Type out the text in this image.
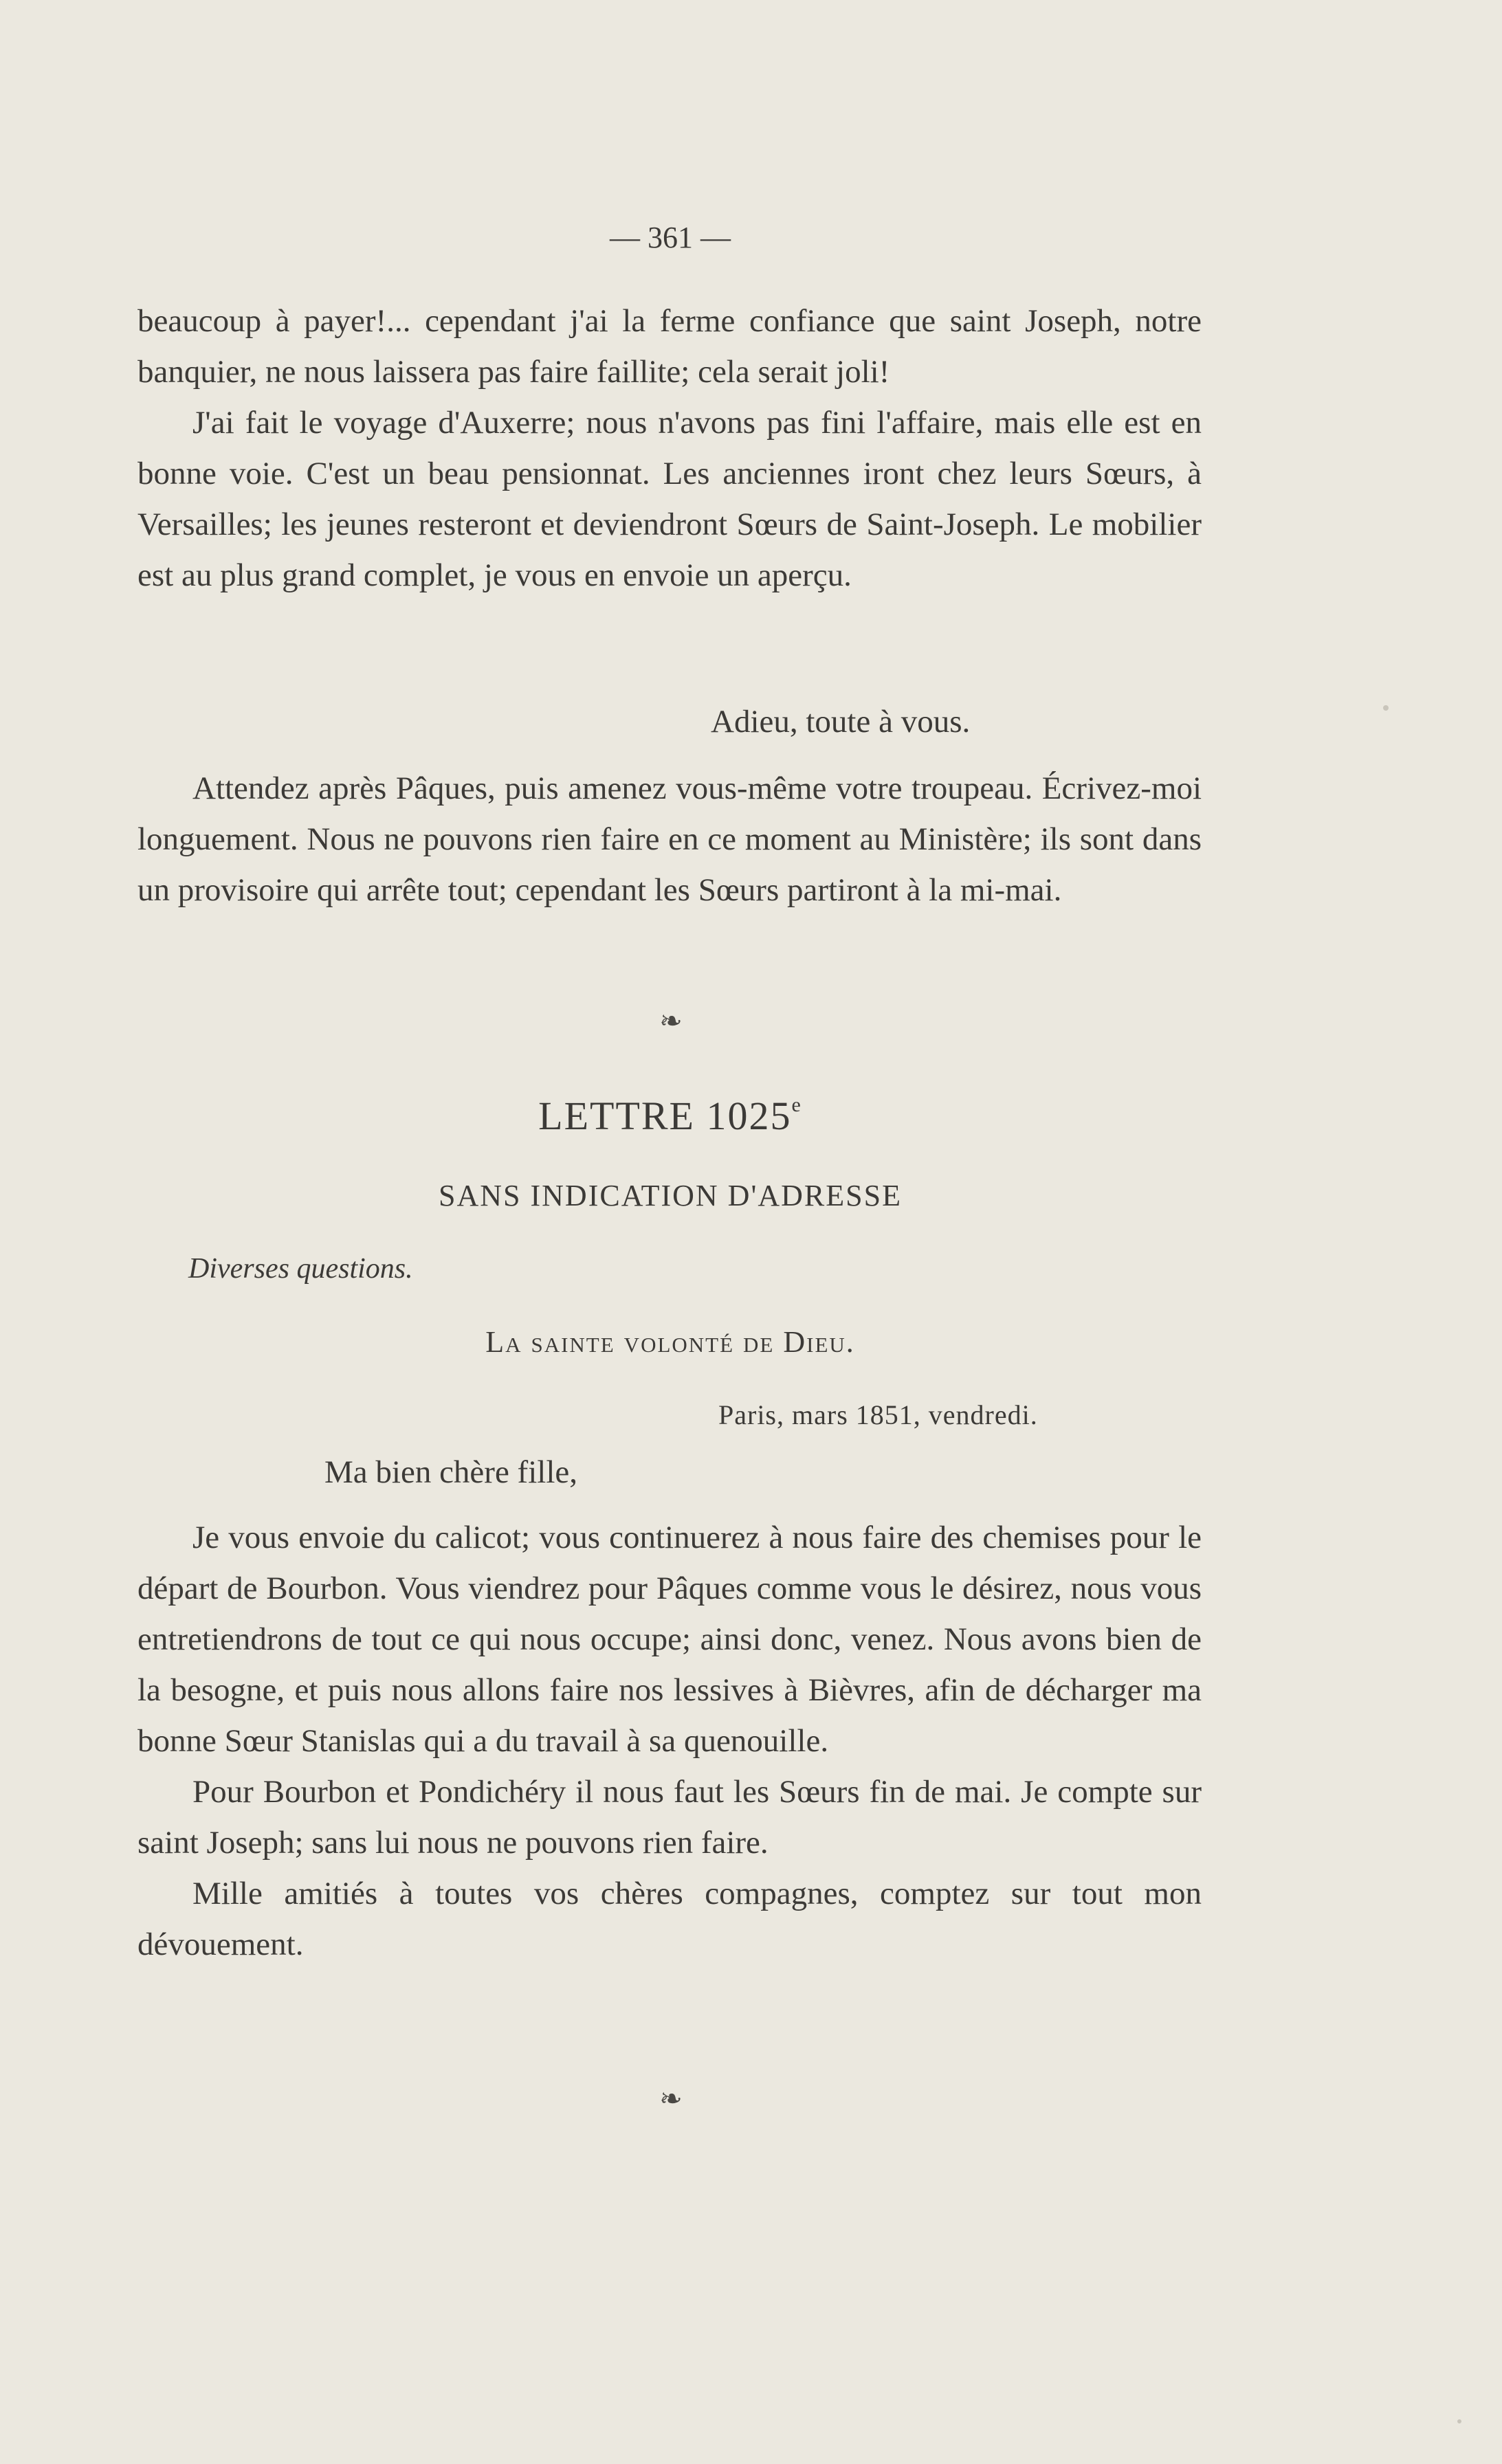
— 361 —

beaucoup à payer!... cependant j'ai la ferme confiance que saint Joseph, notre banquier, ne nous laissera pas faire faillite; cela serait joli!

J'ai fait le voyage d'Auxerre; nous n'avons pas fini l'affaire, mais elle est en bonne voie. C'est un beau pensionnat. Les anciennes iront chez leurs Sœurs, à Versailles; les jeunes resteront et deviendront Sœurs de Saint-Joseph. Le mobilier est au plus grand complet, je vous en envoie un aperçu.

Adieu, toute à vous.

Attendez après Pâques, puis amenez vous-même votre troupeau. Écrivez-moi longuement. Nous ne pouvons rien faire en ce moment au Ministère; ils sont dans un provisoire qui arrête tout; cependant les Sœurs partiront à la mi-mai.

❧
LETTRE 1025e
SANS INDICATION D'ADRESSE
Diverses questions.
La sainte volonté de Dieu.
Paris, mars 1851, vendredi.
Ma bien chère fille,

Je vous envoie du calicot; vous continuerez à nous faire des chemises pour le départ de Bourbon. Vous viendrez pour Pâques comme vous le désirez, nous vous entretiendrons de tout ce qui nous occupe; ainsi donc, venez. Nous avons bien de la besogne, et puis nous allons faire nos lessives à Bièvres, afin de décharger ma bonne Sœur Stanislas qui a du travail à sa quenouille.

Pour Bourbon et Pondichéry il nous faut les Sœurs fin de mai. Je compte sur saint Joseph; sans lui nous ne pouvons rien faire.

Mille amitiés à toutes vos chères compagnes, comptez sur tout mon dévouement.

❧
